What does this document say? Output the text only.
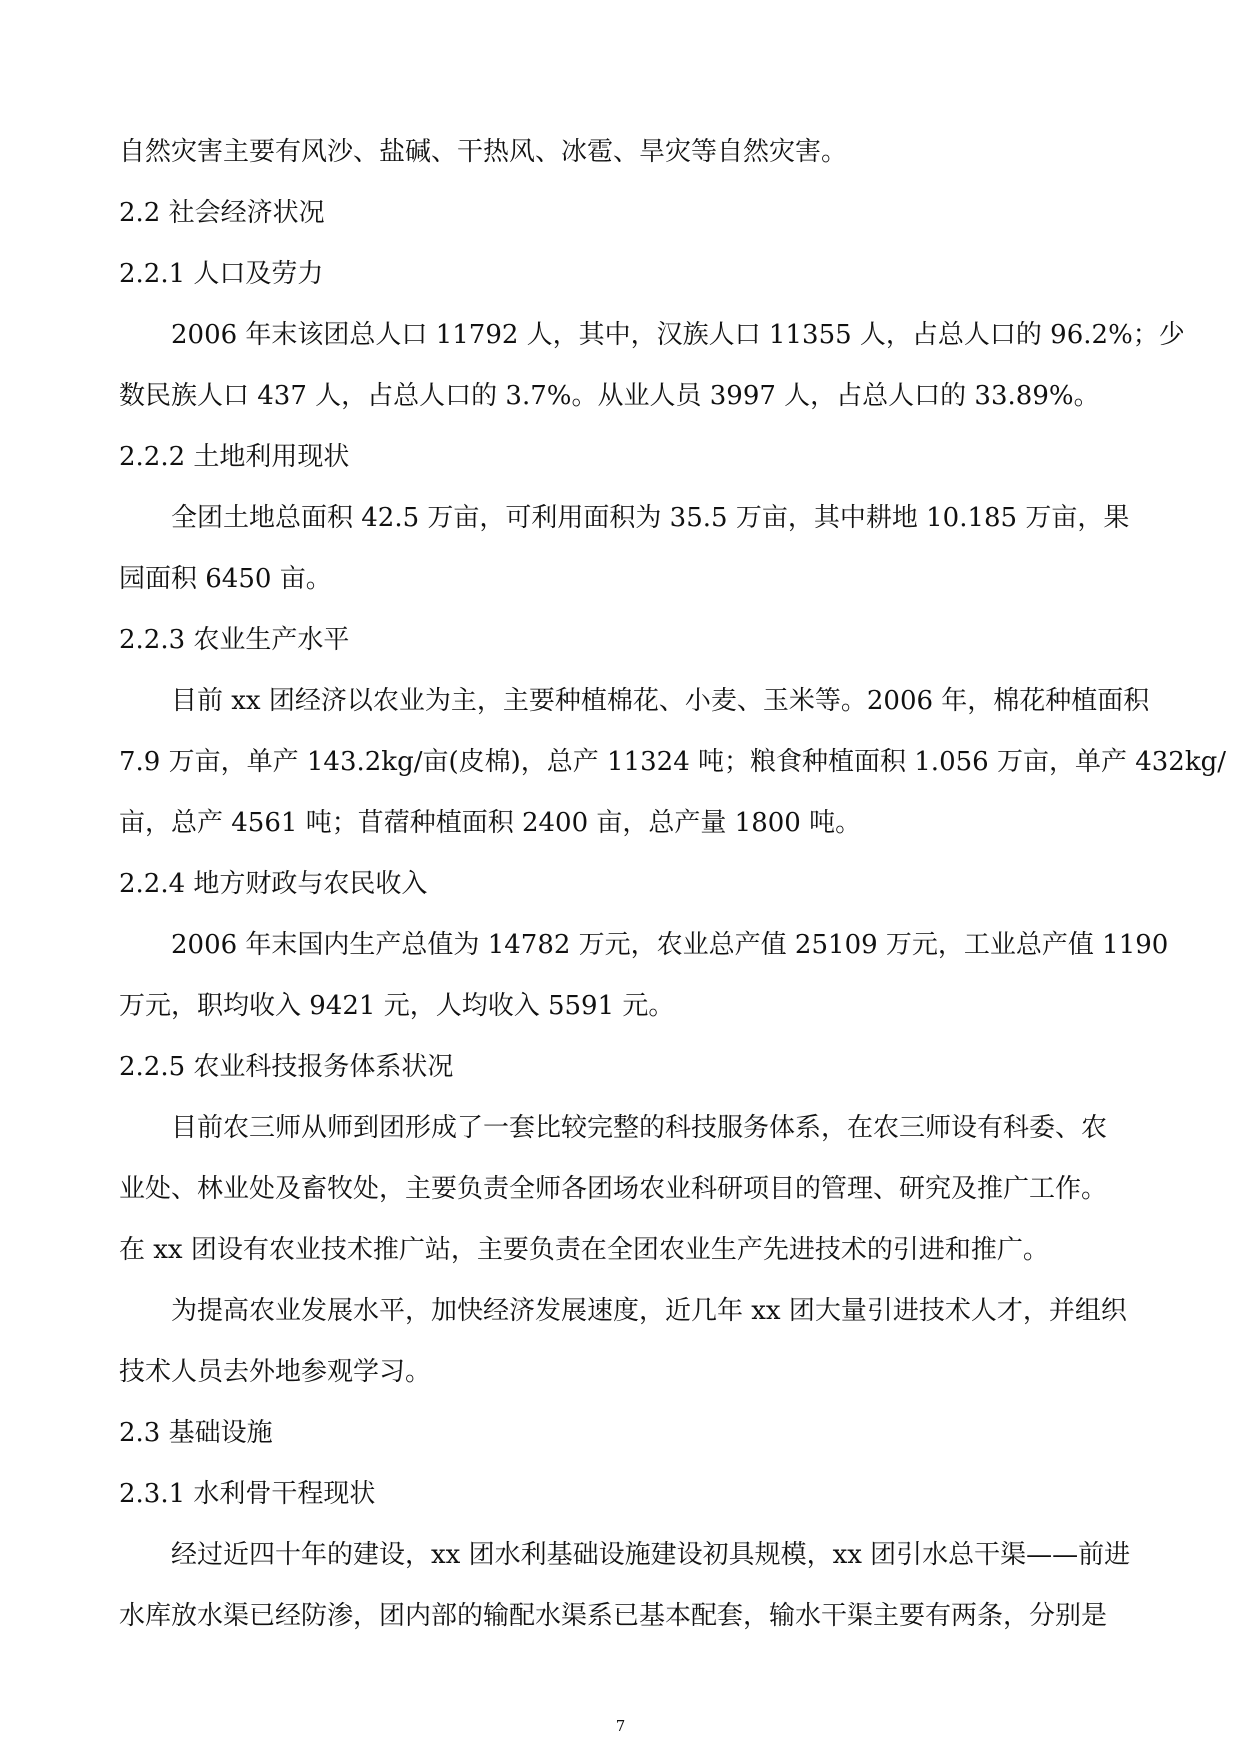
自然灾害主要有风沙、盐碱、干热风、冰雹、旱灾等自然灾害。
2.2 社会经济状况
2.2.1 人口及劳力
2006 年末该团总人口 11792 人，其中，汉族人口 11355 人，占总人口的 96.2%；少
数民族人口 437 人，占总人口的 3.7%。从业人员 3997 人，占总人口的 33.89%。
2.2.2 土地利用现状
全团土地总面积 42.5 万亩，可利用面积为 35.5 万亩，其中耕地 10.185 万亩，果
园面积 6450 亩。
2.2.3 农业生产水平
目前 xx 团经济以农业为主，主要种植棉花、小麦、玉米等。2006 年，棉花种植面积
7.9 万亩，单产 143.2kg/亩(皮棉)，总产 11324 吨；粮食种植面积 1.056 万亩，单产 432kg/
亩，总产 4561 吨；苜蓿种植面积 2400 亩，总产量 1800 吨。
2.2.4 地方财政与农民收入
2006 年末国内生产总值为 14782 万元，农业总产值 25109 万元，工业总产值 1190
万元，职均收入 9421 元，人均收入 5591 元。
2.2.5 农业科技报务体系状况
目前农三师从师到团形成了一套比较完整的科技服务体系，在农三师设有科委、农
业处、林业处及畜牧处，主要负责全师各团场农业科研项目的管理、研究及推广工作。
在 xx 团设有农业技术推广站，主要负责在全团农业生产先进技术的引进和推广。
为提高农业发展水平，加快经济发展速度，近几年 xx 团大量引进技术人才，并组织
技术人员去外地参观学习。
2.3 基础设施
2.3.1 水利骨干程现状
经过近四十年的建设，xx 团水利基础设施建设初具规模，xx 团引水总干渠——前进
水库放水渠已经防渗，团内部的输配水渠系已基本配套，输水干渠主要有两条，分别是
7
